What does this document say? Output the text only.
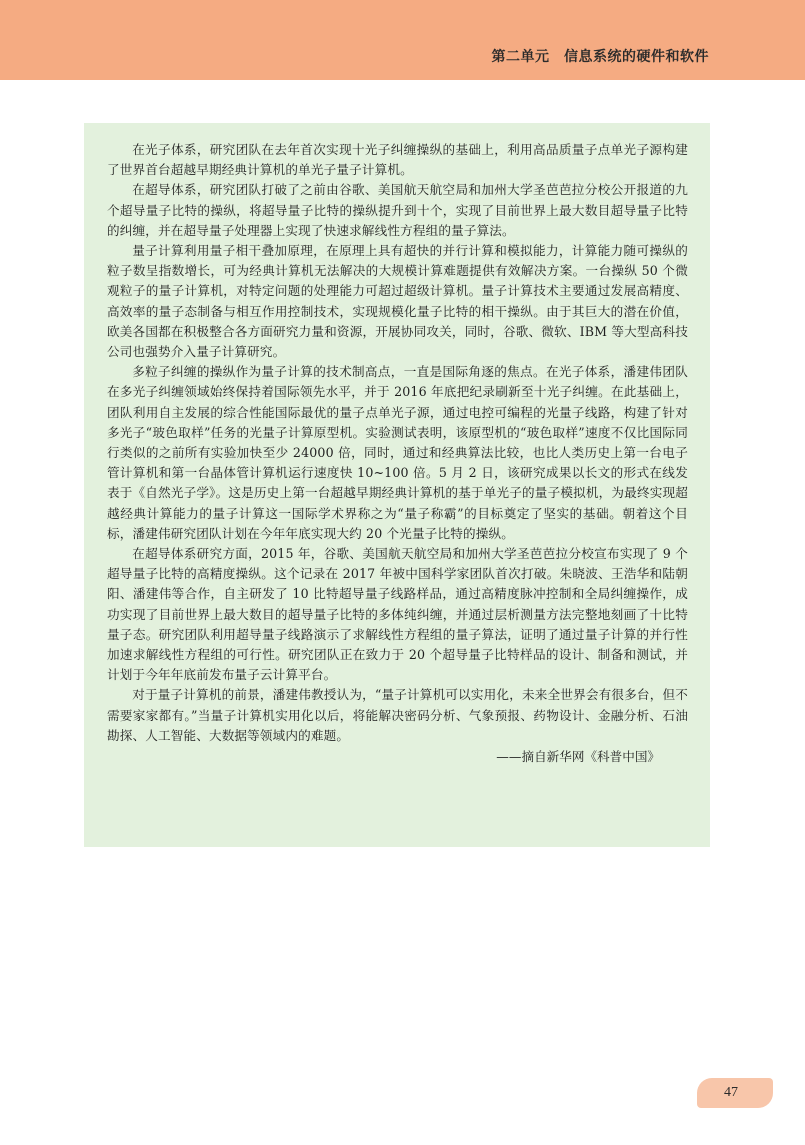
第二单元　信息系统的硬件和软件

在光子体系，研究团队在去年首次实现十光子纠缠操纵的基础上，利用高品质量子点单光子源构建了世界首台超越早期经典计算机的单光子量子计算机。

在超导体系，研究团队打破了之前由谷歌、美国航天航空局和加州大学圣芭芭拉分校公开报道的九个超导量子比特的操纵，将超导量子比特的操纵提升到十个，实现了目前世界上最大数目超导量子比特的纠缠，并在超导量子处理器上实现了快速求解线性方程组的量子算法。

量子计算利用量子相干叠加原理，在原理上具有超快的并行计算和模拟能力，计算能力随可操纵的粒子数呈指数增长，可为经典计算机无法解决的大规模计算难题提供有效解决方案。一台操纵 50 个微观粒子的量子计算机，对特定问题的处理能力可超过超级计算机。量子计算技术主要通过发展高精度、高效率的量子态制备与相互作用控制技术，实现规模化量子比特的相干操纵。由于其巨大的潜在价值，欧美各国都在积极整合各方面研究力量和资源，开展协同攻关，同时，谷歌、微软、IBM 等大型高科技公司也强势介入量子计算研究。

多粒子纠缠的操纵作为量子计算的技术制高点，一直是国际角逐的焦点。在光子体系，潘建伟团队在多光子纠缠领域始终保持着国际领先水平，并于 2016 年底把纪录刷新至十光子纠缠。在此基础上，团队利用自主发展的综合性能国际最优的量子点单光子源，通过电控可编程的光量子线路，构建了针对多光子“玻色取样”任务的光量子计算原型机。实验测试表明，该原型机的“玻色取样”速度不仅比国际同行类似的之前所有实验加快至少 24000 倍，同时，通过和经典算法比较，也比人类历史上第一台电子管计算机和第一台晶体管计算机运行速度快 10~100 倍。5 月 2 日，该研究成果以长文的形式在线发表于《自然光子学》。这是历史上第一台超越早期经典计算机的基于单光子的量子模拟机，为最终实现超越经典计算能力的量子计算这一国际学术界称之为“量子称霸”的目标奠定了坚实的基础。朝着这个目标，潘建伟研究团队计划在今年年底实现大约 20 个光量子比特的操纵。

在超导体系研究方面，2015 年，谷歌、美国航天航空局和加州大学圣芭芭拉分校宣布实现了 9 个超导量子比特的高精度操纵。这个记录在 2017 年被中国科学家团队首次打破。朱晓波、王浩华和陆朝阳、潘建伟等合作，自主研发了 10 比特超导量子线路样品，通过高精度脉冲控制和全局纠缠操作，成功实现了目前世界上最大数目的超导量子比特的多体纯纠缠，并通过层析测量方法完整地刻画了十比特量子态。研究团队利用超导量子线路演示了求解线性方程组的量子算法，证明了通过量子计算的并行性加速求解线性方程组的可行性。研究团队正在致力于 20 个超导量子比特样品的设计、制备和测试，并计划于今年年底前发布量子云计算平台。

对于量子计算机的前景，潘建伟教授认为，“量子计算机可以实用化，未来全世界会有很多台，但不需要家家都有。”当量子计算机实用化以后，将能解决密码分析、气象预报、药物设计、金融分析、石油勘探、人工智能、大数据等领域内的难题。

——摘自新华网《科普中国》

47
